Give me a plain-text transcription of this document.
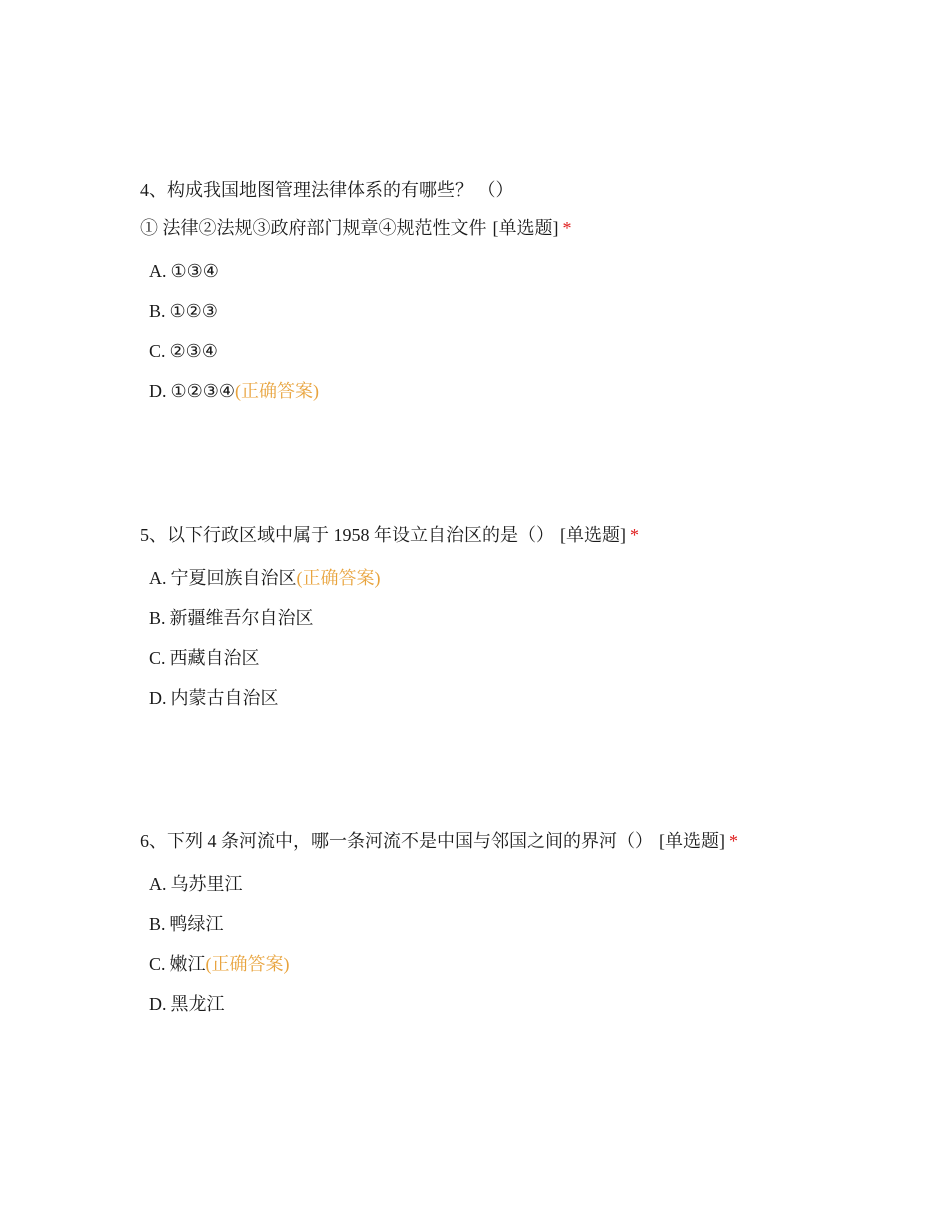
4、构成我国地图管理法律体系的有哪些？ （）
① 法律②法规③政府部门规章④规范性文件 [单选题] *
A. ①③④
B. ①②③
C. ②③④
D. ①②③④(正确答案)
5、以下行政区域中属于 1958 年设立自治区的是（） [单选题] *
A. 宁夏回族自治区(正确答案)
B. 新疆维吾尔自治区
C. 西藏自治区
D. 内蒙古自治区
6、下列 4 条河流中，哪一条河流不是中国与邻国之间的界河（） [单选题] *
A. 乌苏里江
B. 鸭绿江
C. 嫩江(正确答案)
D. 黑龙江
